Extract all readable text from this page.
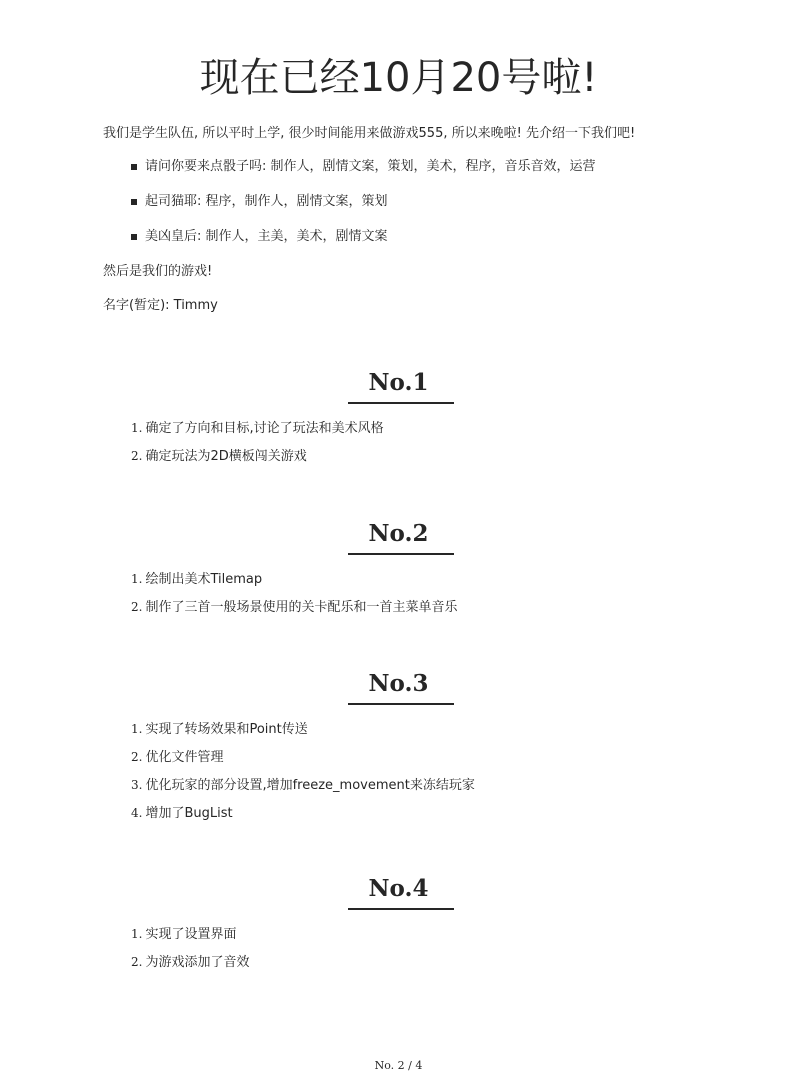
现在已经10月20号啦!

我们是学生队伍, 所以平时上学, 很少时间能用来做游戏555, 所以来晚啦! 先介绍一下我们吧!

请问你要来点骰子吗: 制作人，剧情文案，策划，美术，程序，音乐音效，运营
起司猫耶: 程序，制作人，剧情文案，策划
美凶皇后: 制作人，主美，美术，剧情文案

然后是我们的游戏!

名字(暂定): Timmy

No.1
1. 确定了方向和目标,讨论了玩法和美术风格
2. 确定玩法为2D横板闯关游戏
No.2
1. 绘制出美术Tilemap
2. 制作了三首一般场景使用的关卡配乐和一首主菜单音乐
No.3
1. 实现了转场效果和Point传送
2. 优化文件管理
3. 优化玩家的部分设置,增加freeze_movement来冻结玩家
4. 增加了BugList
No.4
1. 实现了设置界面
2. 为游戏添加了音效

No. 2 / 4
